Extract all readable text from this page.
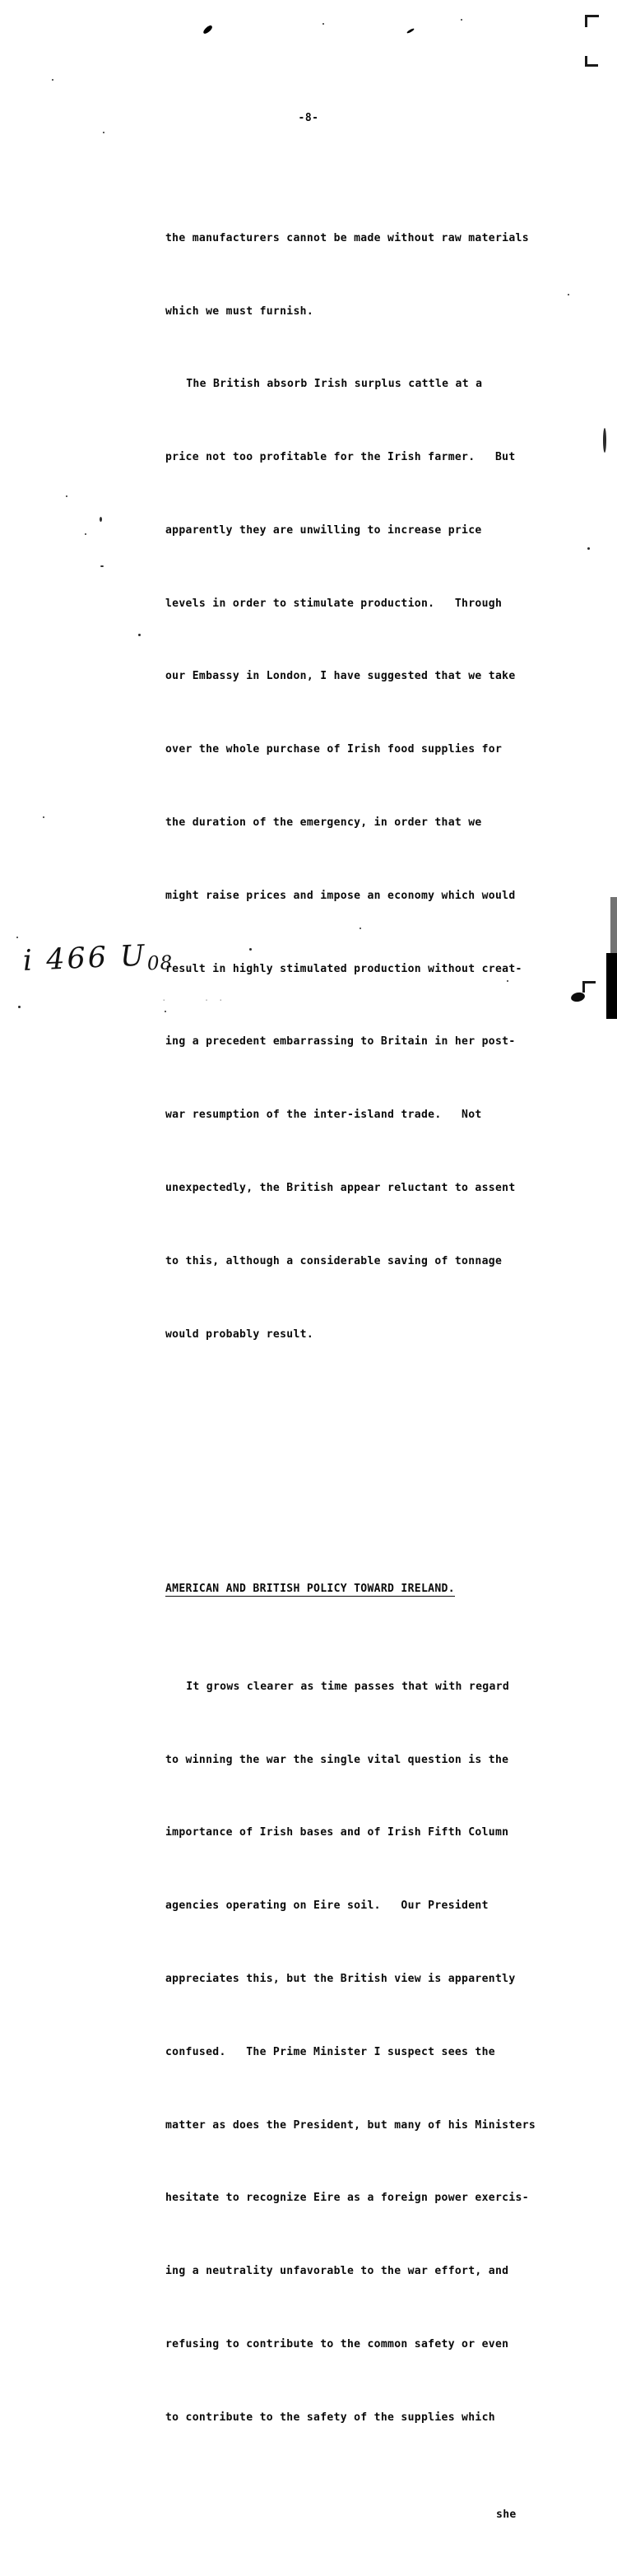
-8-

the manufacturers cannot be made without raw materials

which we must furnish.

The British absorb Irish surplus cattle at a

price not too profitable for the Irish farmer.   But

apparently they are unwilling to increase price

levels in order to stimulate production.   Through

our Embassy in London, I have suggested that we take

over the whole purchase of Irish food supplies for

the duration of the emergency, in order that we

might raise prices and impose an economy which would

result in highly stimulated production without creat-

ing a precedent embarrassing to Britain in her post-

war resumption of the inter-island trade.   Not

unexpectedly, the British appear reluctant to assent

to this, although a considerable saving of tonnage

would probably result.

AMERICAN AND BRITISH POLICY TOWARD IRELAND.

It grows clearer as time passes that with regard

to winning the war the single vital question is the

importance of Irish bases and of Irish Fifth Column

agencies operating on Eire soil.   Our President

appreciates this, but the British view is apparently

confused.   The Prime Minister I suspect sees the

matter as does the President, but many of his Ministers

hesitate to recognize Eire as a foreign power exercis-

ing a neutrality unfavorable to the war effort, and

refusing to contribute to the common safety or even

to contribute to the safety of the supplies which

she

i 466 $U_{08}$
.     . .
